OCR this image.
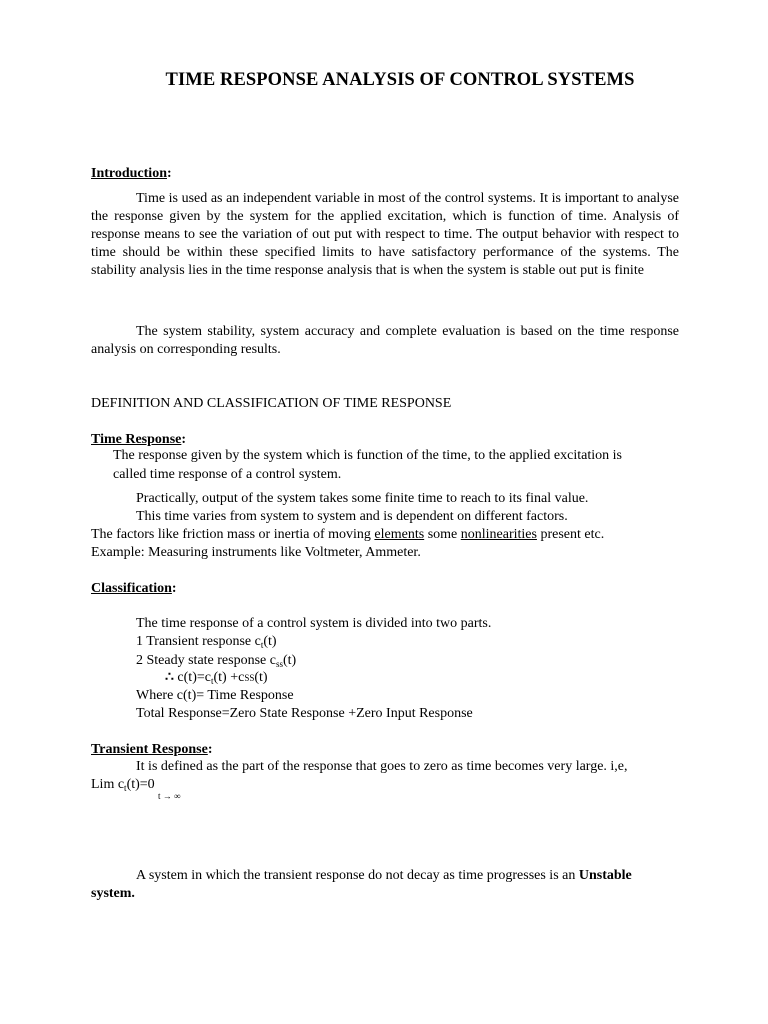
TIME RESPONSE ANALYSIS OF CONTROL SYSTEMS
Introduction:
Time is used as an independent variable in most of the control systems. It is important to analyse the response given by the system for the applied excitation, which is function of time. Analysis of response means to see the variation of out put with respect to time. The output behavior with respect to time should be within these specified limits to have satisfactory performance of the systems. The stability analysis lies in the time response analysis that is when the system is stable out put is finite
The system stability, system accuracy and complete evaluation is based on the time response analysis on corresponding results.
DEFINITION AND CLASSIFICATION OF TIME RESPONSE
Time Response:
The response given by the system which is function of the time, to the applied excitation is
called time response of a control system.
Practically, output of the system takes some finite time to reach to its final value.
This time varies from system to system and is dependent on different factors.
The factors like friction mass or inertia of moving elements some nonlinearities present etc.
Example: Measuring instruments like Voltmeter, Ammeter.
Classification:
The time response of a control system is divided into two parts.
1 Transient response $c_t(t)$
2 Steady state response $c_{ss}(t)$
∴ $c(t)=c_t(t) +cSS(t)$
Where c(t)= Time Response
Total Response=Zero State Response +Zero Input Response
Transient Response:
It is defined as the part of the response that goes to zero as time becomes very large. i,e,
Lim $c_t(t)=0$
t → ∞
A system in which the transient response do not decay as time progresses is an Unstable
system.
